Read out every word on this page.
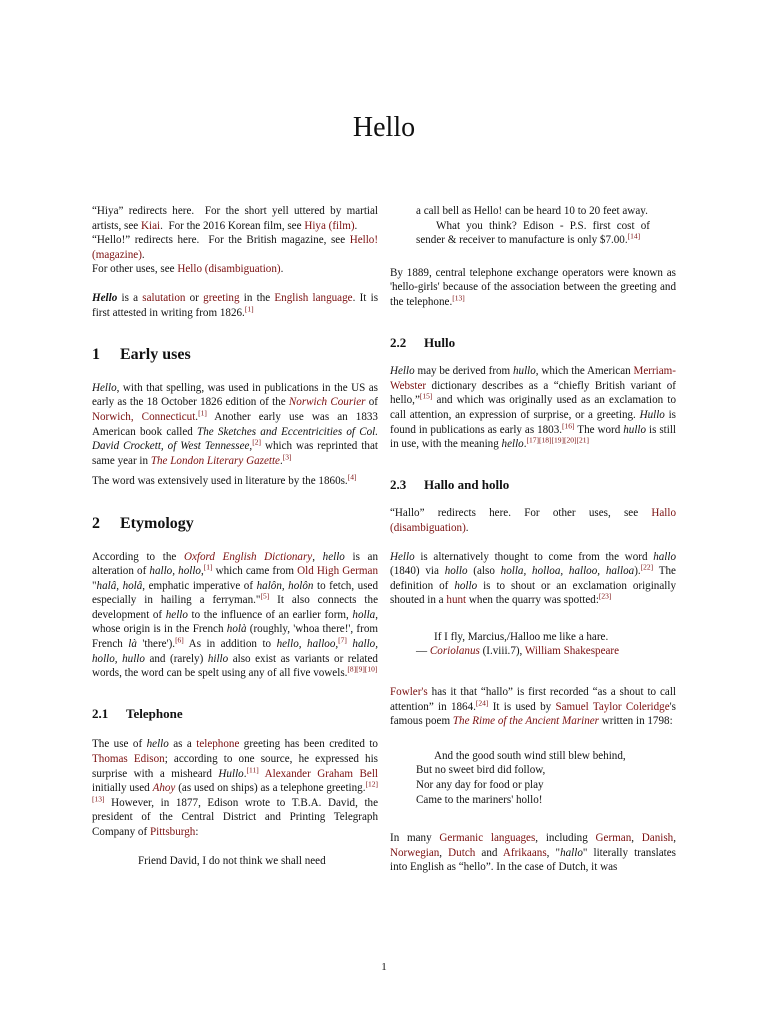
Hello
“Hiya” redirects here. For the short yell uttered by martial artists, see Kiai.  For the 2016 Korean film, see Hiya (film).
“Hello!” redirects here. For the British magazine, see Hello! (magazine).
For other uses, see Hello (disambiguation).

Hello is a salutation or greeting in the English language. It is first attested in writing from 1826.[1]

1 Early uses

Hello, with that spelling, was used in publications in the US as early as the 18 October 1826 edition of the Norwich Courier of Norwich, Connecticut.[1] Another early use was an 1833 American book called The Sketches and Eccentricities of Col. David Crockett, of West Tennessee,[2] which was reprinted that same year in The London Literary Gazette.[3]

The word was extensively used in literature by the 1860s.[4]

2 Etymology

According to the Oxford English Dictionary, hello is an alteration of hallo, hollo,[1] which came from Old High German "halâ, holâ, emphatic imperative of halôn, holôn to fetch, used especially in hailing a ferryman."[5] It also connects the development of hello to the influence of an earlier form, holla, whose origin is in the French holà (roughly, 'whoa there!', from French là 'there').[6] As in addition to hello, halloo,[7] hallo, hollo, hullo and (rarely) hillo also exist as variants or related words, the word can be spelt using any of all five vowels.[8][9][10]

2.1 Telephone

The use of hello as a telephone greeting has been credited to Thomas Edison; according to one source, he expressed his surprise with a misheard Hullo.[11] Alexander Graham Bell initially used Ahoy (as used on ships) as a telephone greeting.[12][13] However, in 1877, Edison wrote to T.B.A. David, the president of the Central District and Printing Telegraph Company of Pittsburgh:

Friend David, I do not think we shall need

a call bell as Hello! can be heard 10 to 20 feet away.

What you think? Edison - P.S. first cost of sender & receiver to manufacture is only $7.00.[14]

By 1889, central telephone exchange operators were known as 'hello-girls' because of the association between the greeting and the telephone.[13]

2.2 Hullo

Hello may be derived from hullo, which the American Merriam-Webster dictionary describes as a “chiefly British variant of hello,”[15] and which was originally used as an exclamation to call attention, an expression of surprise, or a greeting. Hullo is found in publications as early as 1803.[16] The word hullo is still in use, with the meaning hello.[17][18][19][20][21]

2.3 Hallo and hollo

“Hallo” redirects here. For other uses, see Hallo (disambiguation).

Hello is alternatively thought to come from the word hallo (1840) via hollo (also holla, holloa, halloo, halloa).[22] The definition of hollo is to shout or an exclamation originally shouted in a hunt when the quarry was spotted:[23]

If I fly, Marcius,/Halloo me like a hare.

— Coriolanus (I.viii.7), William Shakespeare

Fowler's has it that “hallo” is first recorded “as a shout to call attention” in 1864.[24] It is used by Samuel Taylor Coleridge's famous poem The Rime of the Ancient Mariner written in 1798:

And the good south wind still blew behind,

But no sweet bird did follow,

Nor any day for food or play

Came to the mariners' hollo!

In many Germanic languages, including German, Danish, Norwegian, Dutch and Afrikaans, "hallo" literally translates into English as “hello”. In the case of Dutch, it was

1
